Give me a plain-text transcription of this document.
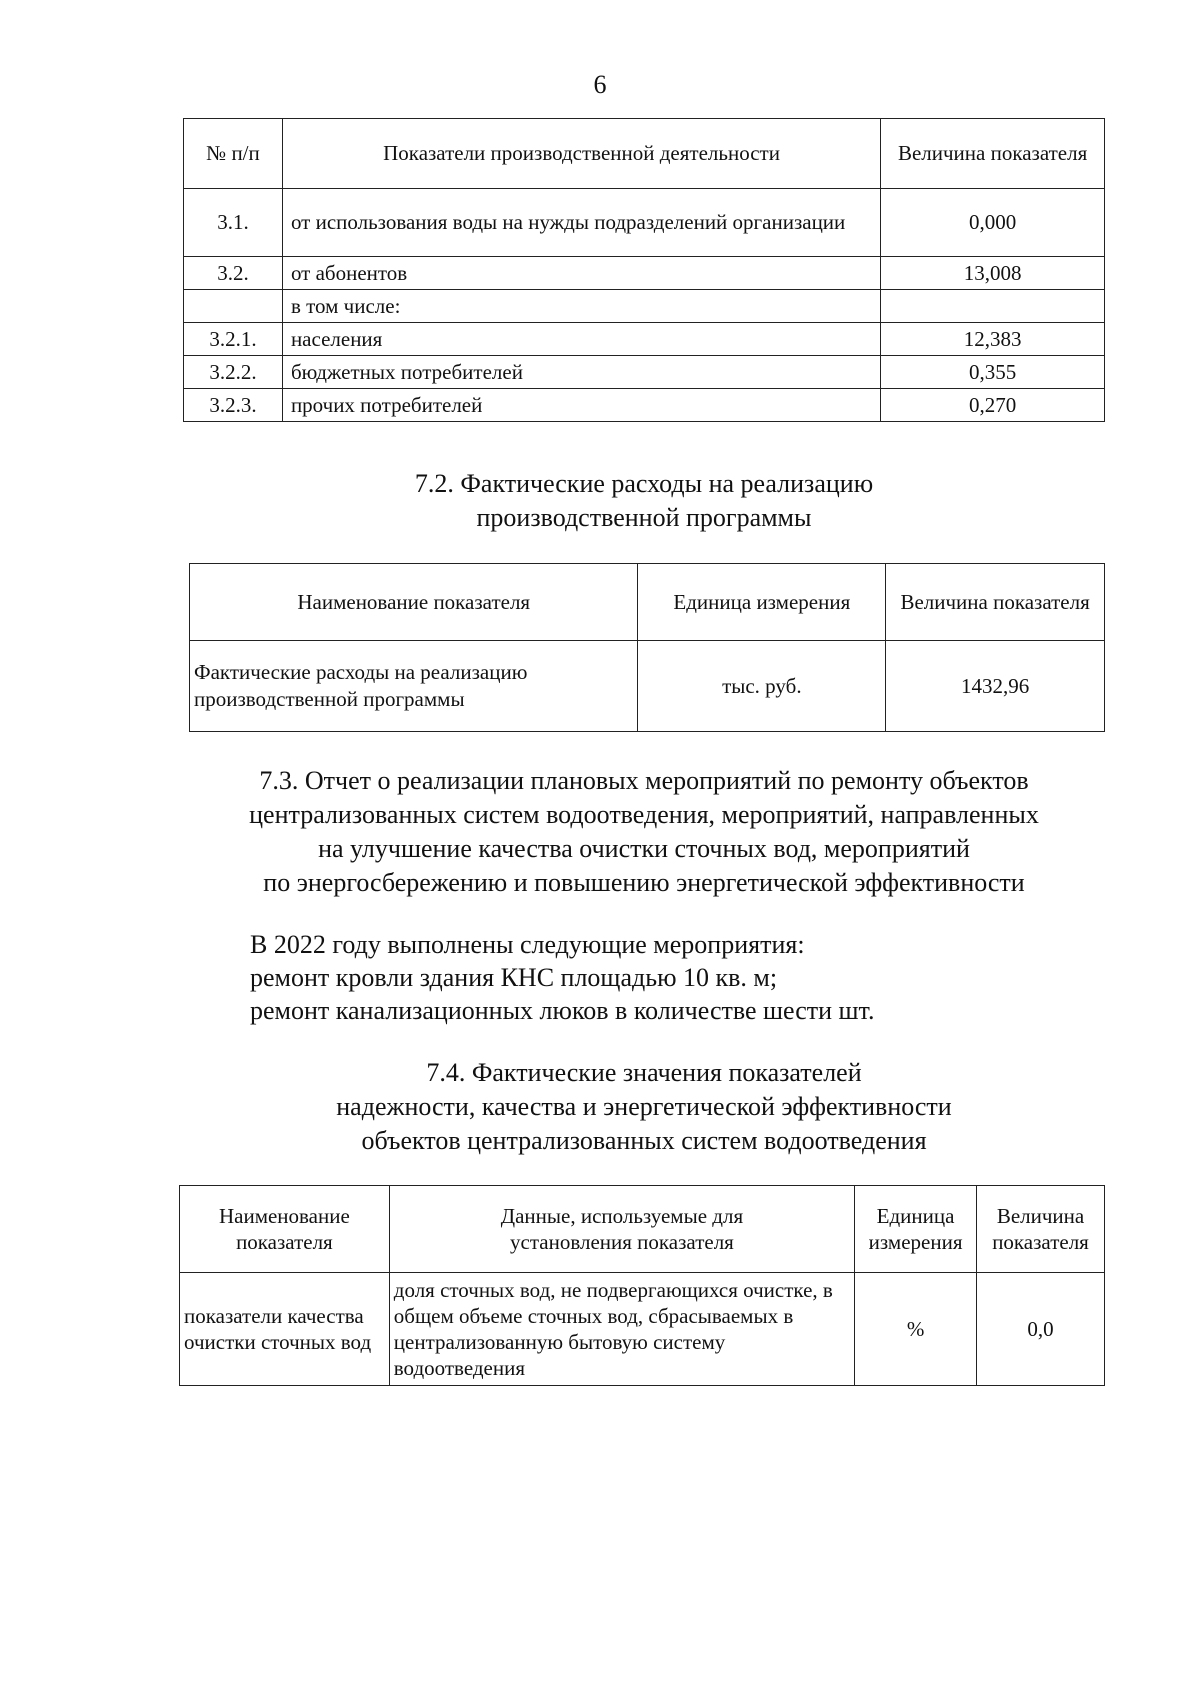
6
№ п/п	Показатели производственной деятельности	Величина показателя
3.1.	от использования воды на нужды подразделений организации	0,000
3.2.	от абонентов	13,008
	в том числе:	
3.2.1.	населения	12,383
3.2.2.	бюджетных потребителей	0,355
3.2.3.	прочих потребителей	0,270
7.2. Фактические расходы на реализацию
производственной программы
Наименование показателя	Единица измерения	Величина показателя
Фактические расходы на реализацию производственной программы	тыс. руб.	1432,96
7.3. Отчет о реализации плановых мероприятий по ремонту объектов
централизованных систем водоотведения, мероприятий, направленных
на улучшение качества очистки сточных вод, мероприятий
по энергосбережению и повышению энергетической эффективности
В 2022 году выполнены следующие мероприятия:
ремонт кровли здания КНС площадью 10 кв. м;
ремонт канализационных люков в количестве шести шт.
7.4. Фактические значения показателей
надежности, качества и энергетической эффективности
объектов централизованных систем водоотведения
Наименование показателя	Данные, используемые для установления показателя	Единица измерения	Величина показателя
показатели качества очистки сточных вод	доля сточных вод, не подвергающихся очистке, в общем объеме сточных вод, сбрасываемых в централизованную бытовую систему водоотведения	%	0,0
